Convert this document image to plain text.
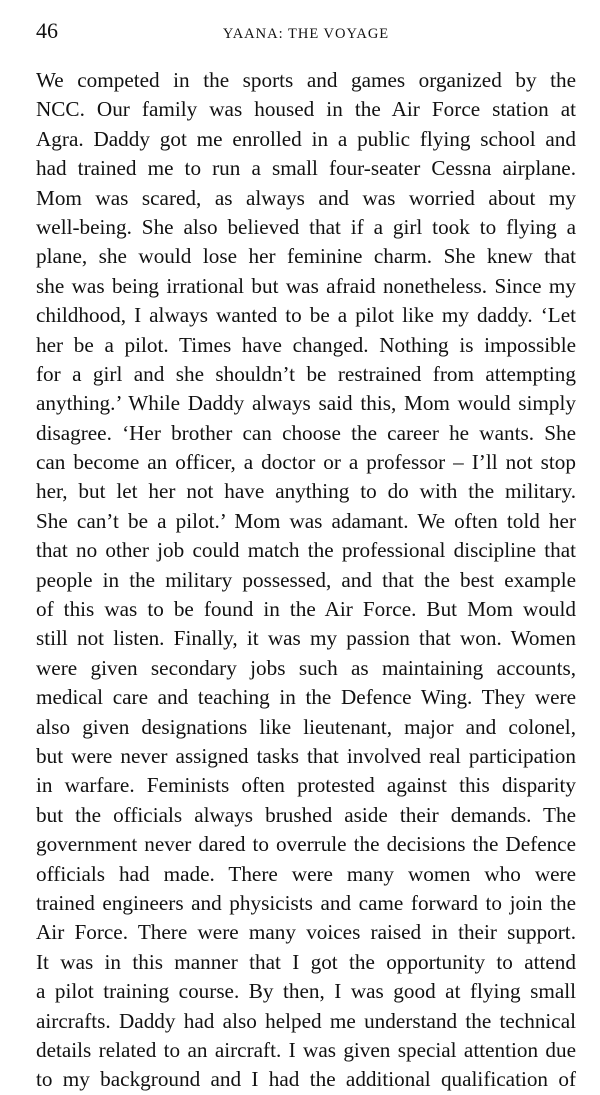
46	YAANA: THE VOYAGE
We competed in the sports and games organized by the
NCC. Our family was housed in the Air Force station at
Agra. Daddy got me enrolled in a public flying school and
had trained me to run a small four-seater Cessna airplane.
Mom was scared, as always and was worried about my
well-being. She also believed that if a girl took to flying a
plane, she would lose her feminine charm. She knew that
she was being irrational but was afraid nonetheless. Since my
childhood, I always wanted to be a pilot like my daddy. ‘Let
her be a pilot. Times have changed. Nothing is impossible
for a girl and she shouldn’t be restrained from attempting
anything.’ While Daddy always said this, Mom would simply
disagree. ‘Her brother can choose the career he wants. She
can become an officer, a doctor or a professor – I’ll not stop
her, but let her not have anything to do with the military.
She can’t be a pilot.’ Mom was adamant. We often told her
that no other job could match the professional discipline that
people in the military possessed, and that the best example
of this was to be found in the Air Force. But Mom would
still not listen. Finally, it was my passion that won. Women
were given secondary jobs such as maintaining accounts,
medical care and teaching in the Defence Wing. They were
also given designations like lieutenant, major and colonel,
but were never assigned tasks that involved real participation
in warfare. Feminists often protested against this disparity
but the officials always brushed aside their demands. The
government never dared to overrule the decisions the Defence
officials had made. There were many women who were
trained engineers and physicists and came forward to join the
Air Force. There were many voices raised in their support.
It was in this manner that I got the opportunity to attend
a pilot training course. By then, I was good at flying small
aircrafts. Daddy had also helped me understand the technical
details related to an aircraft. I was given special attention due
to my background and I had the additional qualification of
